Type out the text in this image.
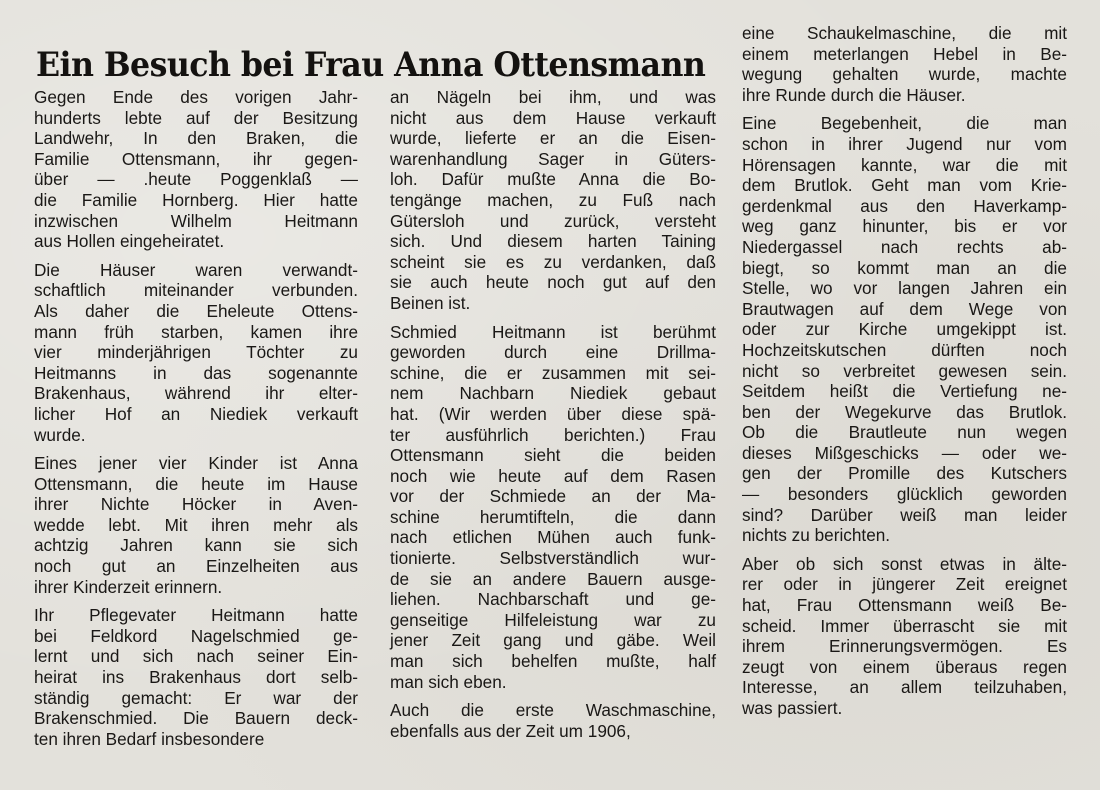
Ein Besuch bei Frau Anna Ottensmann

Gegen Ende des vorigen Jahr-
hunderts lebte auf der Besitzung
Landwehr, In den Braken, die
Familie Ottensmann, ihr gegen-
über — .heute Poggenklaß —
die Familie Hornberg. Hier hatte
inzwischen Wilhelm Heitmann
aus Hollen eingeheiratet.

Die Häuser waren verwandt-
schaftlich miteinander verbunden.
Als daher die Eheleute Ottens-
mann früh starben, kamen ihre
vier minderjährigen Töchter zu
Heitmanns in das sogenannte
Brakenhaus, während ihr elter-
licher Hof an Niediek verkauft
wurde.

Eines jener vier Kinder ist Anna
Ottensmann, die heute im Hause
ihrer Nichte Höcker in Aven-
wedde lebt. Mit ihren mehr als
achtzig Jahren kann sie sich
noch gut an Einzelheiten aus
ihrer Kinderzeit erinnern.

Ihr Pflegevater Heitmann hatte
bei Feldkord Nagelschmied ge-
lernt und sich nach seiner Ein-
heirat ins Brakenhaus dort selb-
ständig gemacht: Er war der
Brakenschmied. Die Bauern deck-
ten ihren Bedarf insbesondere

an Nägeln bei ihm, und was
nicht aus dem Hause verkauft
wurde, lieferte er an die Eisen-
warenhandlung Sager in Güters-
loh. Dafür mußte Anna die Bo-
tengänge machen, zu Fuß nach
Gütersloh und zurück, versteht
sich. Und diesem harten Taining
scheint sie es zu verdanken, daß
sie auch heute noch gut auf den
Beinen ist.

Schmied Heitmann ist berühmt
geworden durch eine Drillma-
schine, die er zusammen mit sei-
nem Nachbarn Niediek gebaut
hat. (Wir werden über diese spä-
ter ausführlich berichten.) Frau
Ottensmann sieht die beiden
noch wie heute auf dem Rasen
vor der Schmiede an der Ma-
schine herumtifteln, die dann
nach etlichen Mühen auch funk-
tionierte. Selbstverständlich wur-
de sie an andere Bauern ausge-
liehen. Nachbarschaft und ge-
genseitige Hilfeleistung war zu
jener Zeit gang und gäbe. Weil
man sich behelfen mußte, half
man sich eben.

Auch die erste Waschmaschine,
ebenfalls aus der Zeit um 1906,

eine Schaukelmaschine, die mit
einem meterlangen Hebel in Be-
wegung gehalten wurde, machte
ihre Runde durch die Häuser.

Eine Begebenheit, die man
schon in ihrer Jugend nur vom
Hörensagen kannte, war die mit
dem Brutlok. Geht man vom Krie-
gerdenkmal aus den Haverkamp-
weg ganz hinunter, bis er vor
Niedergassel nach rechts ab-
biegt, so kommt man an die
Stelle, wo vor langen Jahren ein
Brautwagen auf dem Wege von
oder zur Kirche umgekippt ist.
Hochzeitskutschen dürften noch
nicht so verbreitet gewesen sein.
Seitdem heißt die Vertiefung ne-
ben der Wegekurve das Brutlok.
Ob die Brautleute nun wegen
dieses Mißgeschicks — oder we-
gen der Promille des Kutschers
— besonders glücklich geworden
sind? Darüber weiß man leider
nichts zu berichten.

Aber ob sich sonst etwas in älte-
rer oder in jüngerer Zeit ereignet
hat, Frau Ottensmann weiß Be-
scheid. Immer überrascht sie mit
ihrem Erinnerungsvermögen. Es
zeugt von einem überaus regen
Interesse, an allem teilzuhaben,
was passiert.
